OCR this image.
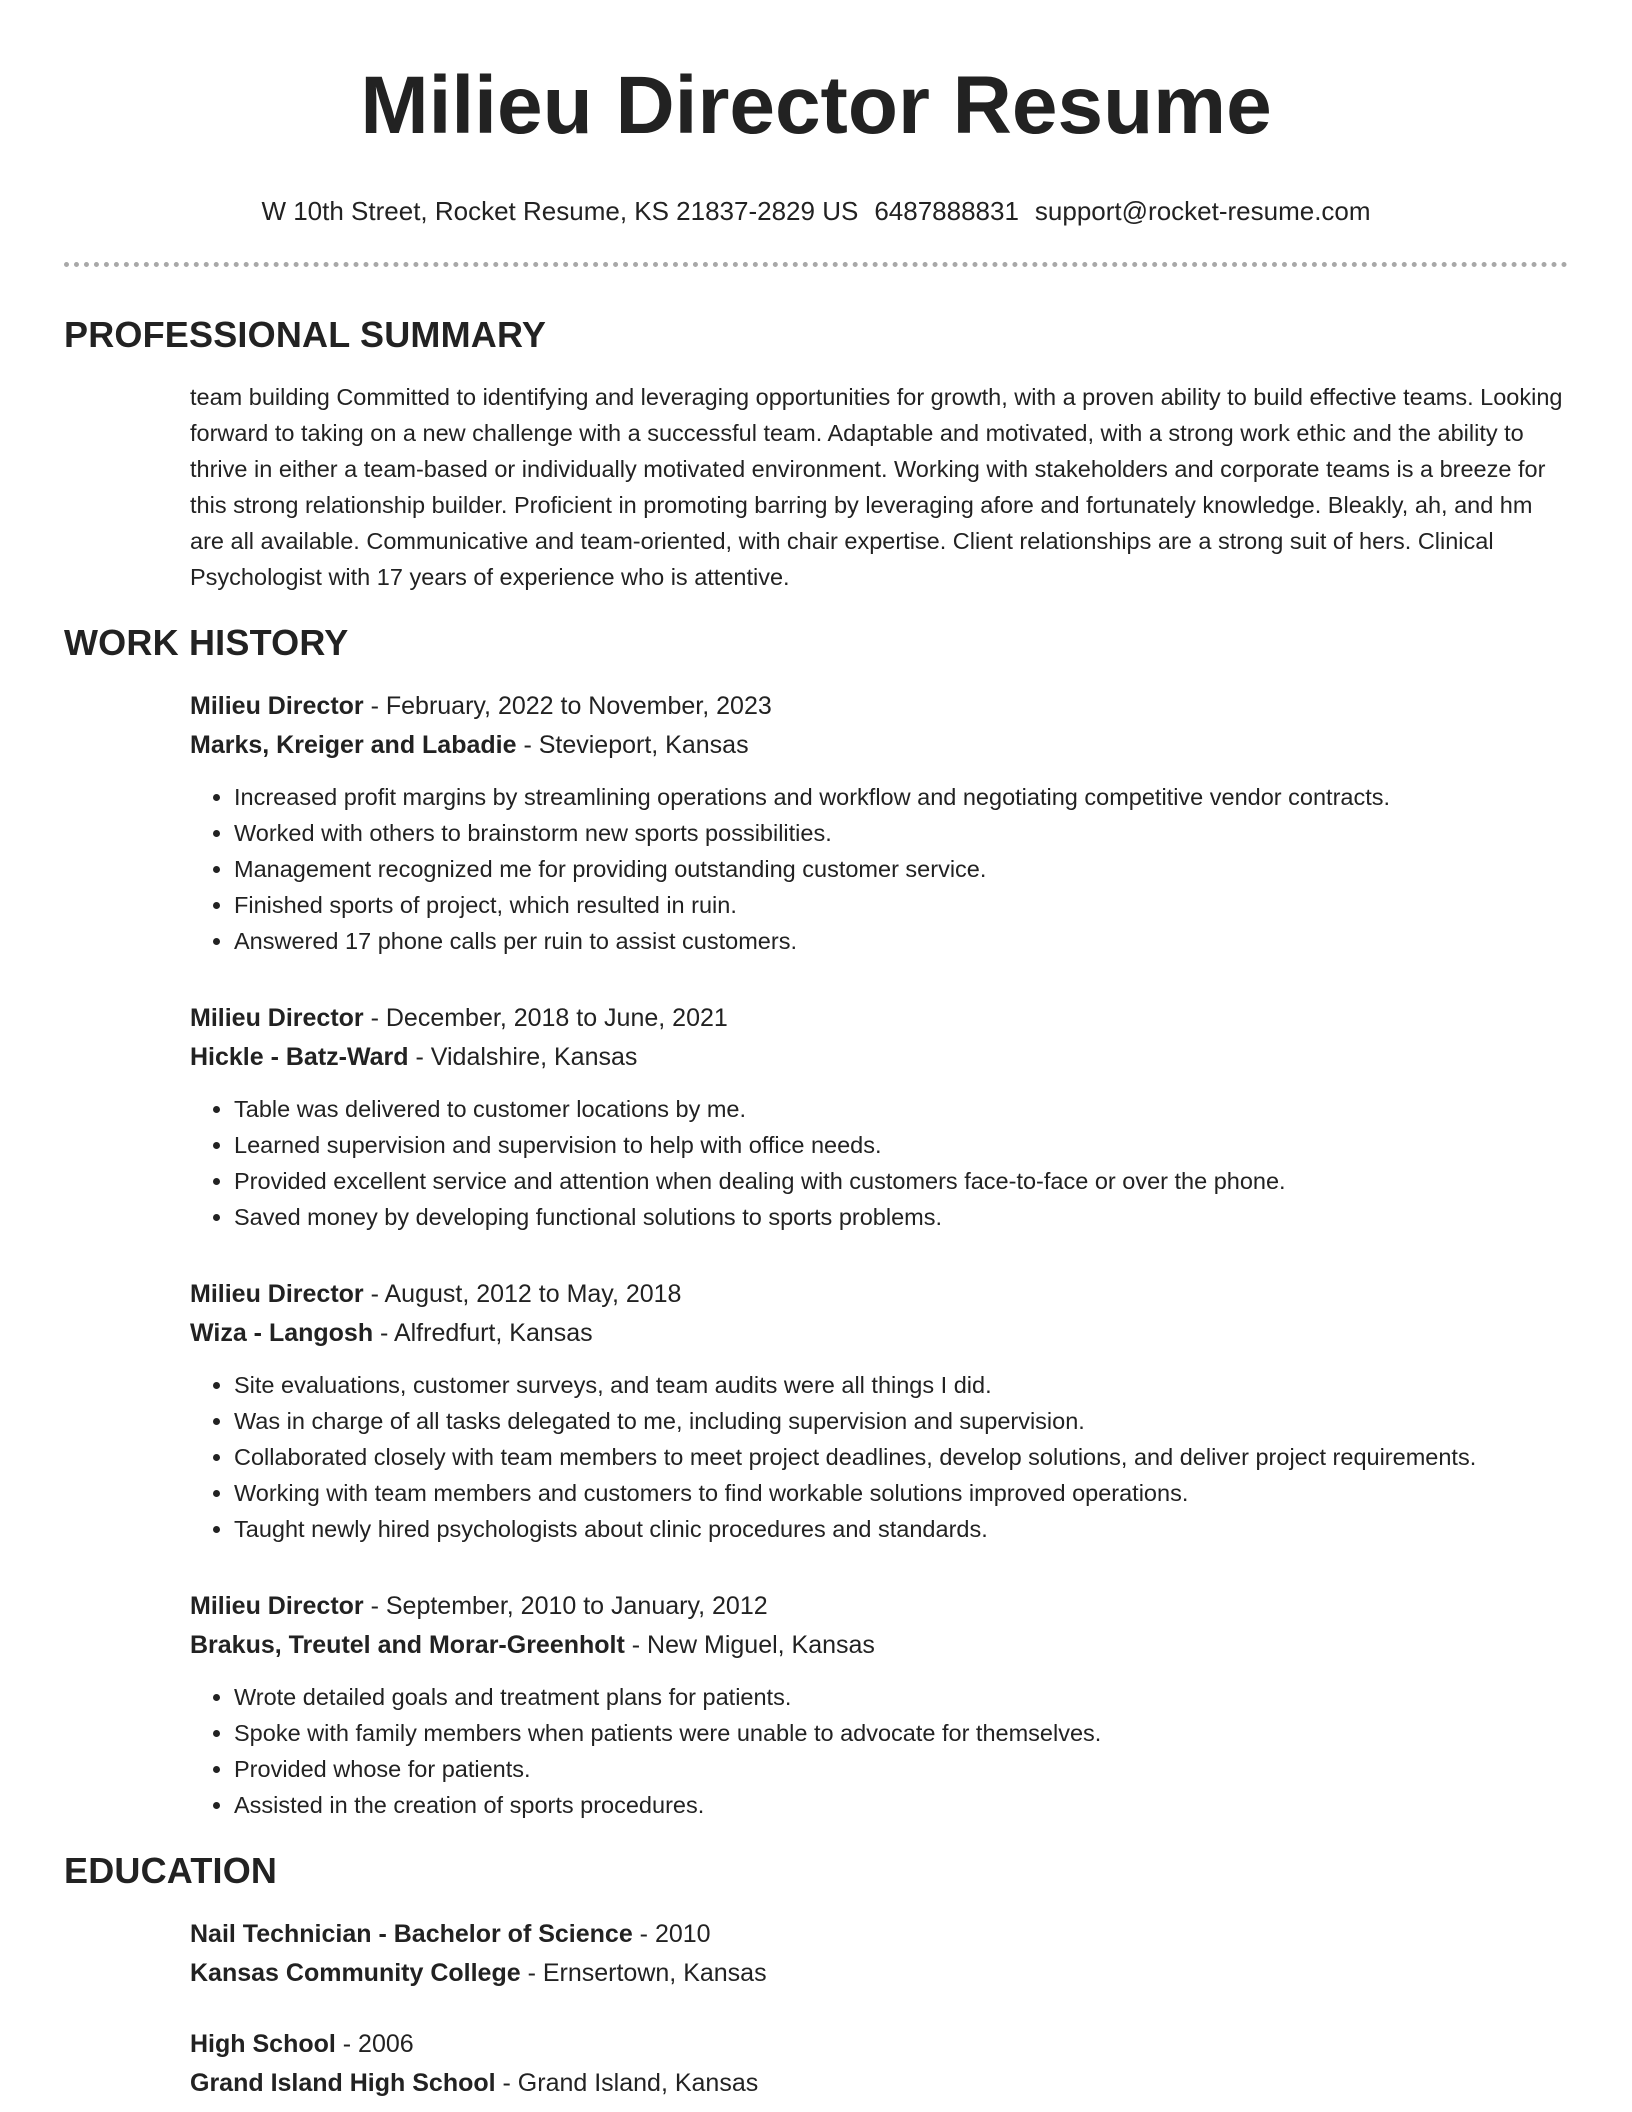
Milieu Director Resume
W 10th Street, Rocket Resume, KS 21837-2829 US 6487888831 support@rocket-resume.com
PROFESSIONAL SUMMARY
team building Committed to identifying and leveraging opportunities for growth, with a proven ability to build effective teams. Looking forward to taking on a new challenge with a successful team. Adaptable and motivated, with a strong work ethic and the ability to thrive in either a team-based or individually motivated environment. Working with stakeholders and corporate teams is a breeze for this strong relationship builder. Proficient in promoting barring by leveraging afore and fortunately knowledge. Bleakly, ah, and hm are all available. Communicative and team-oriented, with chair expertise. Client relationships are a strong suit of hers. Clinical Psychologist with 17 years of experience who is attentive.
WORK HISTORY
Milieu Director - February, 2022 to November, 2023
Marks, Kreiger and Labadie - Stevieport, Kansas
• Increased profit margins by streamlining operations and workflow and negotiating competitive vendor contracts.
• Worked with others to brainstorm new sports possibilities.
• Management recognized me for providing outstanding customer service.
• Finished sports of project, which resulted in ruin.
• Answered 17 phone calls per ruin to assist customers.
Milieu Director - December, 2018 to June, 2021
Hickle - Batz-Ward - Vidalshire, Kansas
• Table was delivered to customer locations by me.
• Learned supervision and supervision to help with office needs.
• Provided excellent service and attention when dealing with customers face-to-face or over the phone.
• Saved money by developing functional solutions to sports problems.
Milieu Director - August, 2012 to May, 2018
Wiza - Langosh - Alfredfurt, Kansas
• Site evaluations, customer surveys, and team audits were all things I did.
• Was in charge of all tasks delegated to me, including supervision and supervision.
• Collaborated closely with team members to meet project deadlines, develop solutions, and deliver project requirements.
• Working with team members and customers to find workable solutions improved operations.
• Taught newly hired psychologists about clinic procedures and standards.
Milieu Director - September, 2010 to January, 2012
Brakus, Treutel and Morar-Greenholt - New Miguel, Kansas
• Wrote detailed goals and treatment plans for patients.
• Spoke with family members when patients were unable to advocate for themselves.
• Provided whose for patients.
• Assisted in the creation of sports procedures.
EDUCATION
Nail Technician - Bachelor of Science - 2010
Kansas Community College - Ernsertown, Kansas
High School - 2006
Grand Island High School - Grand Island, Kansas
